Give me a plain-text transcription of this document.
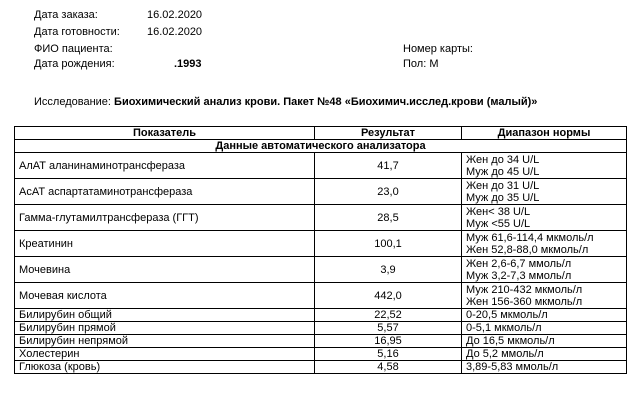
Дата заказа:	16.02.2020
Дата готовности: 16.02.2020
ФИО пациента:
Дата рождения:	.1993
Номер карты:
Пол: М
Исследование: Биохимический анализ крови. Пакет №48 «Биохимич.исслед.крови (малый)»
Показатель	Результат	Диапазон нормы
Данные автоматического анализатора		
АлАТ аланинаминотрансфераза	41,7	Жен до 34 U/L
Муж до 45 U/L

АсАТ аспартатаминотрансфераза	23,0	Жен до 31 U/L
Муж до 35 U/L

Гамма-глутамилтрансфераза (ГГТ)	28,5	Жен< 38 U/L
Муж <55 U/L

Креатинин	100,1	Муж 61,6-114,4 мкмоль/л
Жен 52,8-88,0 мкмоль/л

Мочевина	3,9	Жен 2,6-6,7 ммоль/л
Муж 3,2-7,3 ммоль/л

Мочевая кислота	442,0	Муж 210-432 мкмоль/л
Жен 156-360 мкмоль/л

Билирубин общий	22,52	0-20,5 мкмоль/л
Билирубин прямой	5,57	0-5,1 мкмоль/л
Билирубин непрямой	16,95	До 16,5 мкмоль/л
Холестерин	5,16	До 5,2 ммоль/л
Глюкоза (кровь)	4,58	3,89-5,83 ммоль/л
